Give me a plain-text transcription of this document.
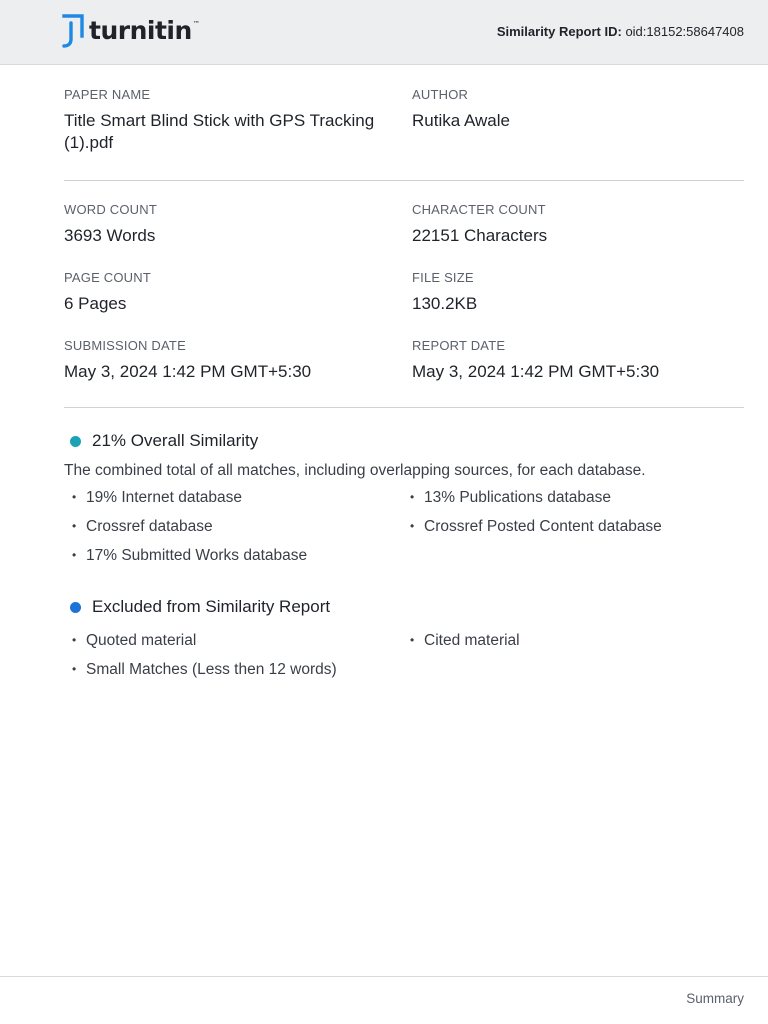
turnitin™
Similarity Report ID: oid:18152:58647408
PAPER NAME
Title Smart Blind Stick with GPS Tracking (1).pdf
AUTHOR
Rutika Awale
WORD COUNT
3693 Words
CHARACTER COUNT
22151 Characters
PAGE COUNT
6 Pages
FILE SIZE
130.2KB
SUBMISSION DATE
May 3, 2024 1:42 PM GMT+5:30
REPORT DATE
May 3, 2024 1:42 PM GMT+5:30
21% Overall Similarity
The combined total of all matches, including overlapping sources, for each database.
• 19% Internet database	• 13% Publications database
• Crossref database	• Crossref Posted Content database
• 17% Submitted Works database
Excluded from Similarity Report
• Quoted material	• Cited material
• Small Matches (Less then 12 words)
Summary
